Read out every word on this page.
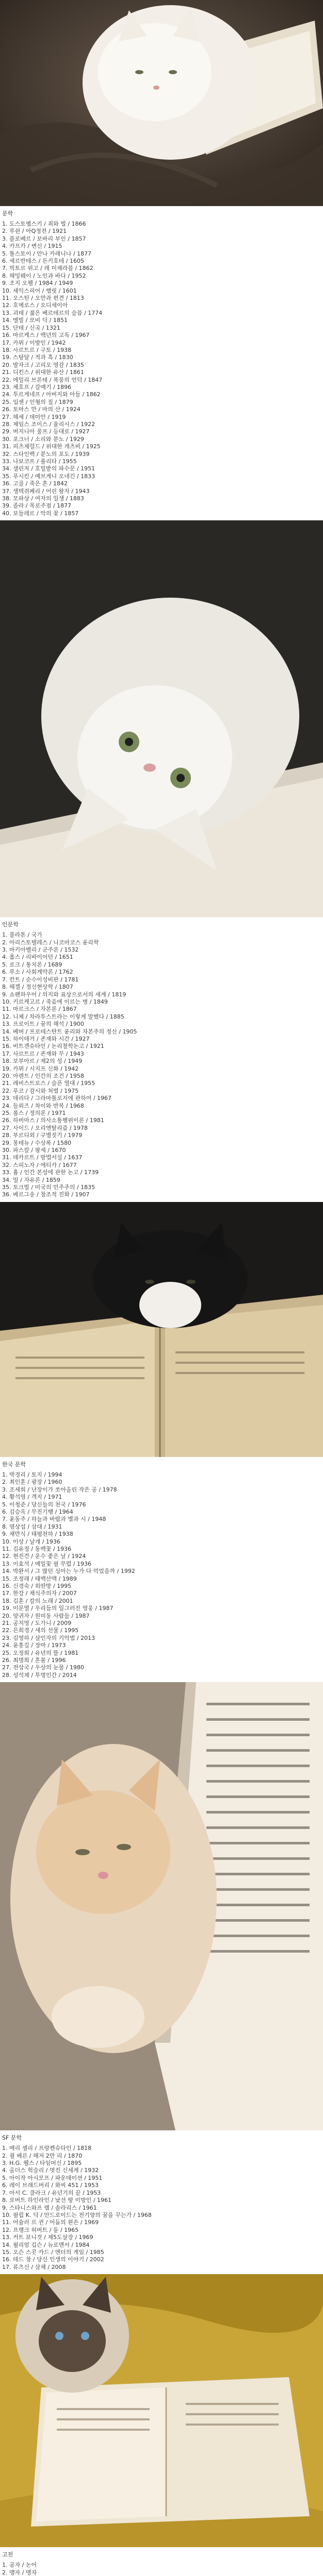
문학
1. 도스토옙스키 / 죄와 벌 / 1866
2. 루쉰 / 아Q정전 / 1921
3. 플로베르 / 보바리 부인 / 1857
4. 카프카 / 변신 / 1915
5. 톨스토이 / 안나 카레니나 / 1877
6. 세르반테스 / 돈키호테 / 1605
7. 빅토르 위고 / 레 미제라블 / 1862
8. 헤밍웨이 / 노인과 바다 / 1952
9. 조지 오웰 / 1984 / 1949
10. 셰익스피어 / 햄릿 / 1601
11. 오스틴 / 오만과 편견 / 1813
12. 호메로스 / 오디세이아
13. 괴테 / 젊은 베르테르의 슬픔 / 1774
14. 멜빌 / 모비 딕 / 1851
15. 단테 / 신곡 / 1321
16. 마르케스 / 백년의 고독 / 1967
17. 카뮈 / 이방인 / 1942
18. 사르트르 / 구토 / 1938
19. 스탕달 / 적과 흑 / 1830
20. 발자크 / 고리오 영감 / 1835
21. 디킨스 / 위대한 유산 / 1861
22. 에밀리 브론테 / 폭풍의 언덕 / 1847
23. 체호프 / 갈매기 / 1896
24. 투르게네프 / 아버지와 아들 / 1862
25. 입센 / 인형의 집 / 1879
26. 토마스 만 / 마의 산 / 1924
27. 헤세 / 데미안 / 1919
28. 제임스 조이스 / 율리시스 / 1922
29. 버지니아 울프 / 등대로 / 1927
30. 포크너 / 소리와 분노 / 1929
31. 피츠제럴드 / 위대한 개츠비 / 1925
32. 스타인벡 / 분노의 포도 / 1939
33. 나보코프 / 롤리타 / 1955
34. 샐린저 / 호밀밭의 파수꾼 / 1951
35. 푸시킨 / 예브게니 오네긴 / 1833
36. 고골 / 죽은 혼 / 1842
37. 생텍쥐페리 / 어린 왕자 / 1943
38. 모파상 / 여자의 일생 / 1883
39. 졸라 / 목로주점 / 1877
40. 보들레르 / 악의 꽃 / 1857
인문학
1. 플라톤 / 국가
2. 아리스토텔레스 / 니코마코스 윤리학
3. 마키아벨리 / 군주론 / 1532
4. 홉스 / 리바이어던 / 1651
5. 로크 / 통치론 / 1689
6. 루소 / 사회계약론 / 1762
7. 칸트 / 순수이성비판 / 1781
8. 헤겔 / 정신현상학 / 1807
9. 쇼펜하우어 / 의지와 표상으로서의 세계 / 1819
10. 키르케고르 / 죽음에 이르는 병 / 1849
11. 마르크스 / 자본론 / 1867
12. 니체 / 차라투스트라는 이렇게 말했다 / 1885
13. 프로이트 / 꿈의 해석 / 1900
14. 베버 / 프로테스탄트 윤리와 자본주의 정신 / 1905
15. 하이데거 / 존재와 시간 / 1927
16. 비트겐슈타인 / 논리철학논고 / 1921
17. 사르트르 / 존재와 무 / 1943
18. 보부아르 / 제2의 성 / 1949
19. 카뮈 / 시지프 신화 / 1942
20. 아렌트 / 인간의 조건 / 1958
21. 레비스트로스 / 슬픈 열대 / 1955
22. 푸코 / 감시와 처벌 / 1975
23. 데리다 / 그라마톨로지에 관하여 / 1967
24. 들뢰즈 / 차이와 반복 / 1968
25. 롤스 / 정의론 / 1971
26. 하버마스 / 의사소통행위이론 / 1981
27. 사이드 / 오리엔탈리즘 / 1978
28. 부르디외 / 구별짓기 / 1979
29. 몽테뉴 / 수상록 / 1580
30. 파스칼 / 팡세 / 1670
31. 데카르트 / 방법서설 / 1637
32. 스피노자 / 에티카 / 1677
33. 흄 / 인간 본성에 관한 논고 / 1739
34. 밀 / 자유론 / 1859
35. 토크빌 / 미국의 민주주의 / 1835
36. 베르그송 / 창조적 진화 / 1907
한국 문학
1. 박경리 / 토지 / 1994
2. 최인훈 / 광장 / 1960
3. 조세희 / 난장이가 쏘아올린 작은 공 / 1978
4. 황석영 / 객지 / 1971
5. 이청준 / 당신들의 천국 / 1976
6. 김승옥 / 무진기행 / 1964
7. 윤동주 / 하늘과 바람과 별과 시 / 1948
8. 염상섭 / 삼대 / 1931
9. 채만식 / 태평천하 / 1938
10. 이상 / 날개 / 1936
11. 김유정 / 동백꽃 / 1936
12. 현진건 / 운수 좋은 날 / 1924
13. 이효석 / 메밀꽃 필 무렵 / 1936
14. 박완서 / 그 많던 싱아는 누가 다 먹었을까 / 1992
15. 조정래 / 태백산맥 / 1989
16. 신경숙 / 외딴방 / 1995
17. 한강 / 채식주의자 / 2007
18. 김훈 / 칼의 노래 / 2001
19. 이문열 / 우리들의 일그러진 영웅 / 1987
20. 양귀자 / 원미동 사람들 / 1987
21. 공지영 / 도가니 / 2009
22. 은희경 / 새의 선물 / 1995
23. 김영하 / 살인자의 기억법 / 2013
24. 윤흥길 / 장마 / 1973
25. 오정희 / 유년의 뜰 / 1981
26. 최명희 / 혼불 / 1996
27. 전상국 / 우상의 눈물 / 1980
28. 성석제 / 투명인간 / 2014
SF 문학
1. 메리 셸리 / 프랑켄슈타인 / 1818
2. 쥘 베른 / 해저 2만 리 / 1870
3. H.G. 웰스 / 타임머신 / 1895
4. 올더스 헉슬리 / 멋진 신세계 / 1932
5. 아이작 아시모프 / 파운데이션 / 1951
6. 레이 브래드버리 / 화씨 451 / 1953
7. 아서 C. 클라크 / 유년기의 끝 / 1953
8. 로버트 하인라인 / 낯선 땅 이방인 / 1961
9. 스타니스와프 렘 / 솔라리스 / 1961
10. 필립 K. 딕 / 안드로이드는 전기양의 꿈을 꾸는가 / 1968
11. 어슐러 르 귄 / 어둠의 왼손 / 1969
12. 프랭크 허버트 / 듄 / 1965
13. 커트 보니것 / 제5도살장 / 1969
14. 윌리엄 깁슨 / 뉴로맨서 / 1984
15. 오슨 스콧 카드 / 엔더의 게임 / 1985
16. 테드 창 / 당신 인생의 이야기 / 2002
17. 류츠신 / 삼체 / 2008
고전
1. 공자 / 논어
2. 맹자 / 맹자
